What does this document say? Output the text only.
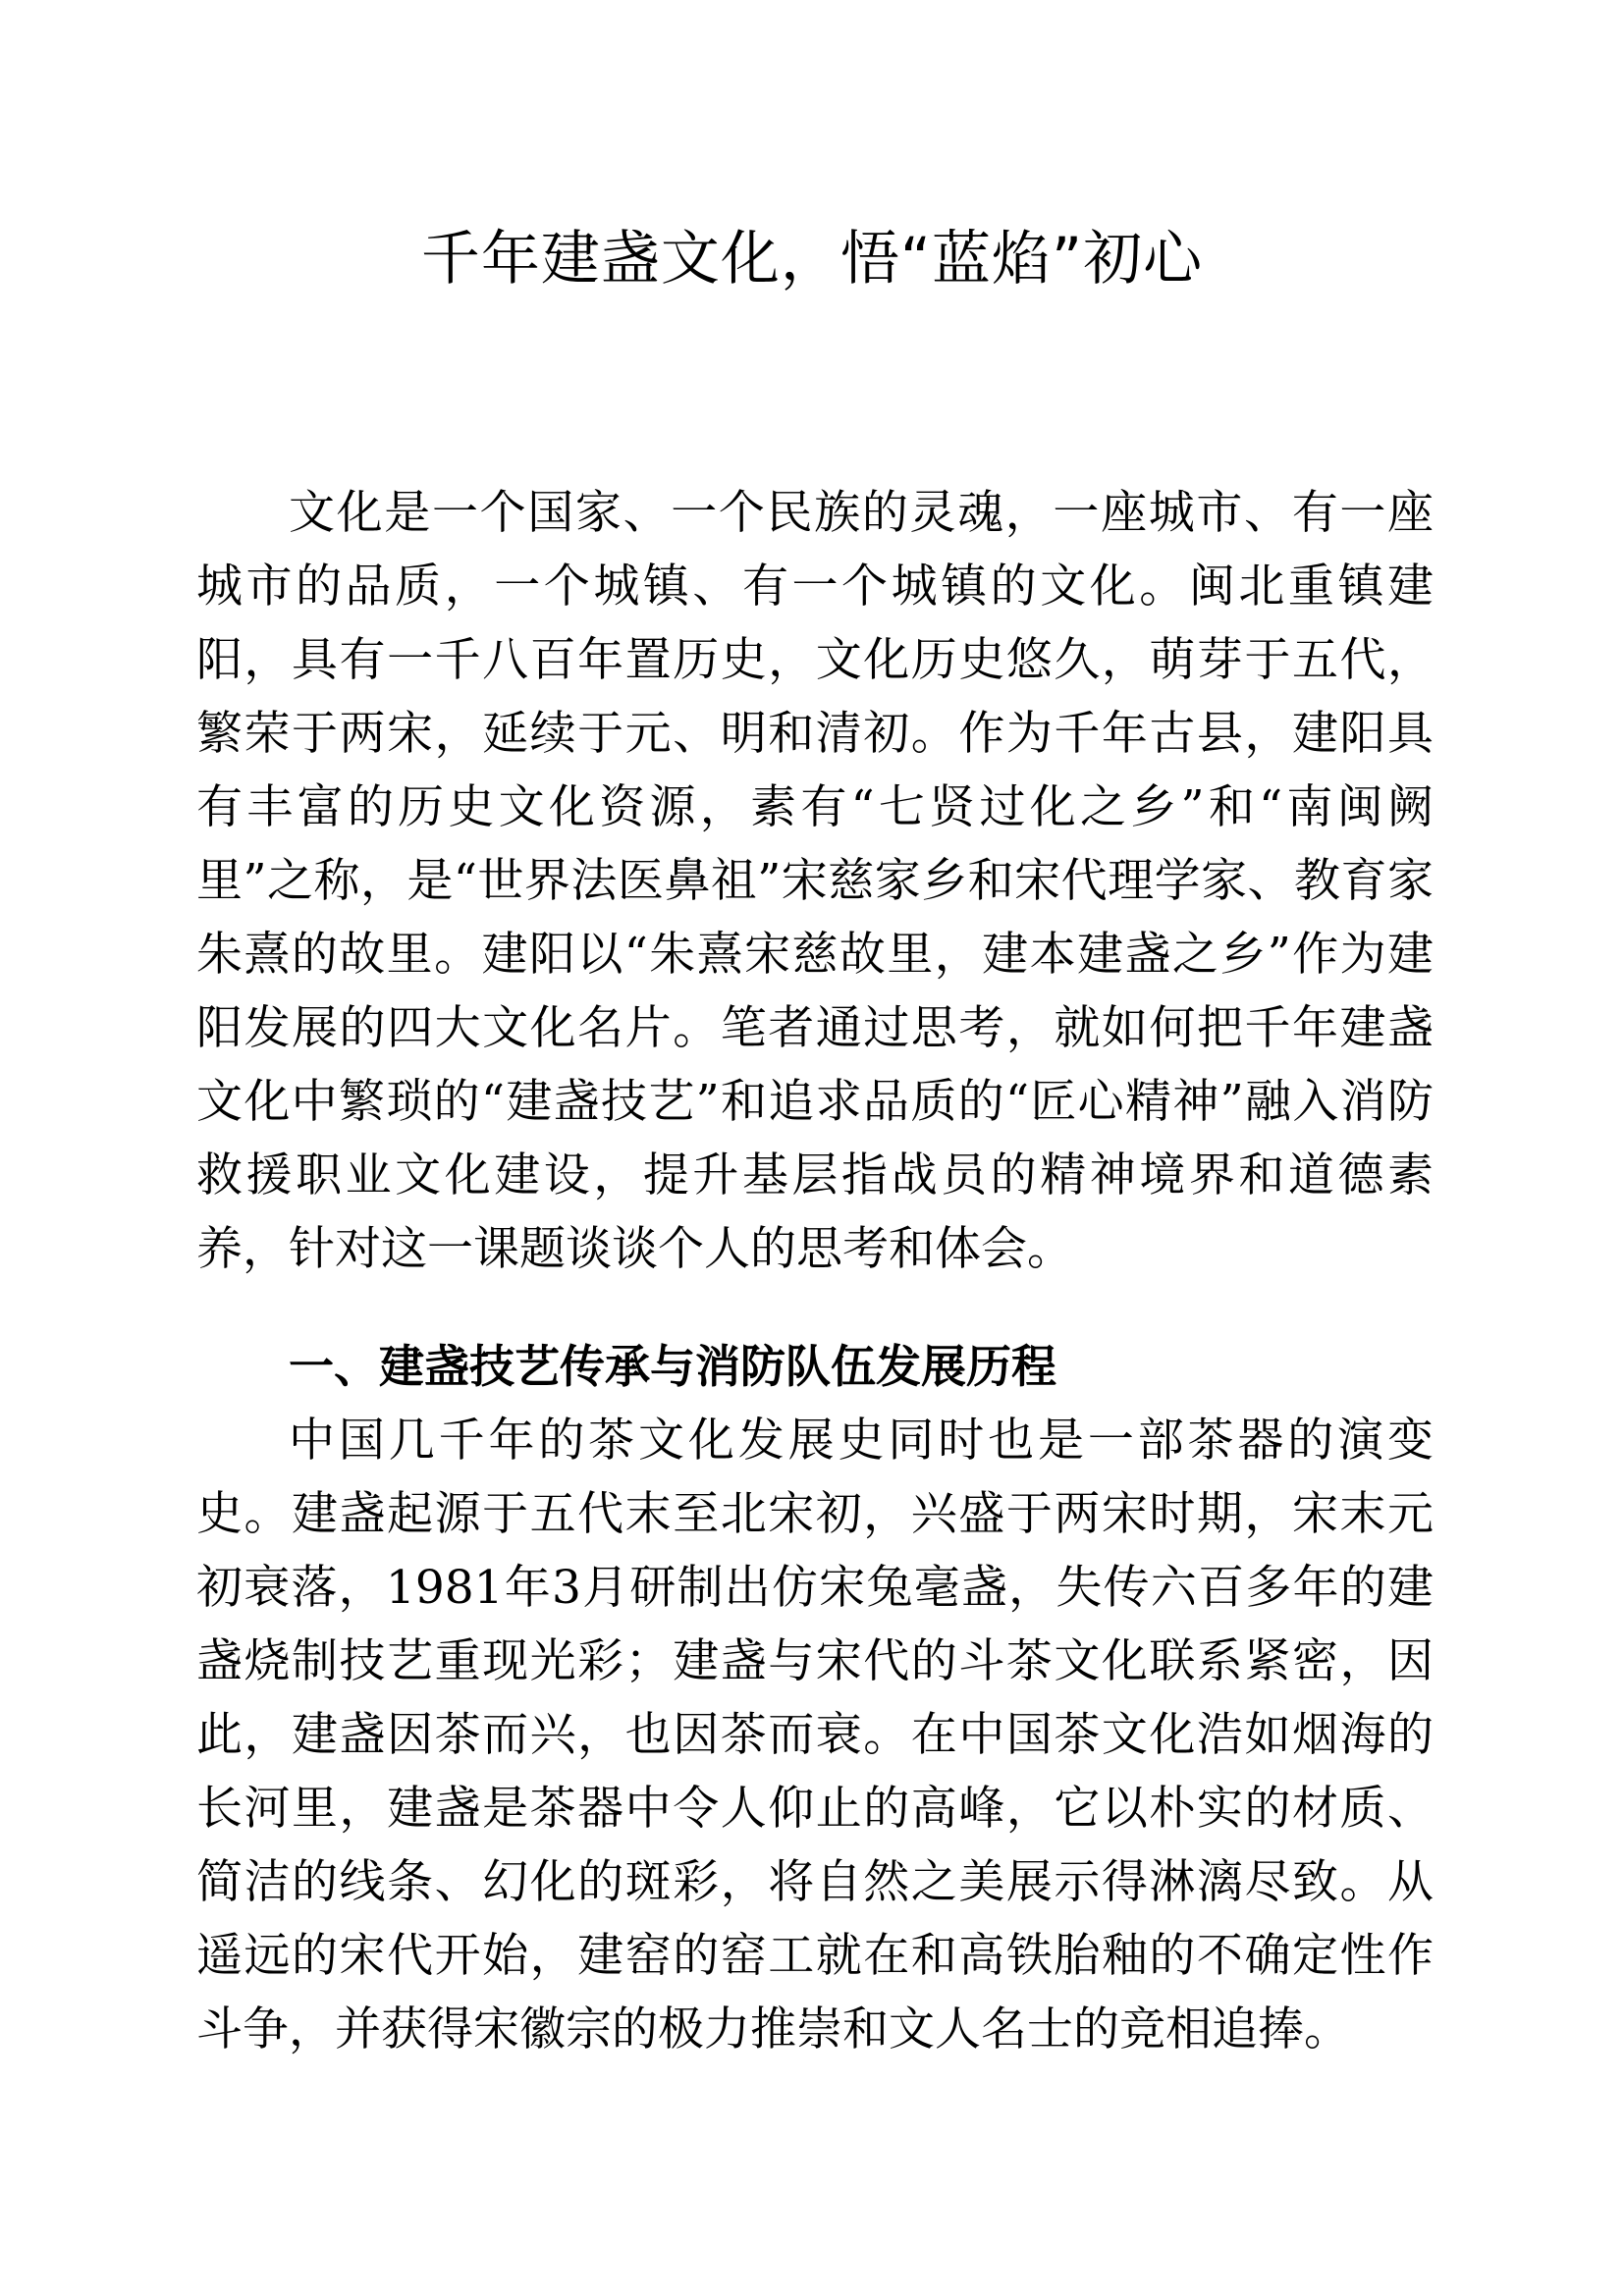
千年建盏文化，悟“蓝焰”初心

文化是一个国家、一个民族的灵魂，一座城市、有一座城市的品质，一个城镇、有一个城镇的文化。闽北重镇建阳，具有一千八百年置历史，文化历史悠久，萌芽于五代，繁荣于两宋，延续于元、明和清初。作为千年古县，建阳具有丰富的历史文化资源，素有“七贤过化之乡”和“南闽阙里”之称，是“世界法医鼻祖”宋慈家乡和宋代理学家、教育家朱熹的故里。建阳以“朱熹宋慈故里，建本建盏之乡”作为建阳发展的四大文化名片。笔者通过思考，就如何把千年建盏文化中繁琐的“建盏技艺”和追求品质的“匠心精神”融入消防救援职业文化建设，提升基层指战员的精神境界和道德素养，针对这一课题谈谈个人的思考和体会。

一、建盏技艺传承与消防队伍发展历程

中国几千年的茶文化发展史同时也是一部茶器的演变史。建盏起源于五代末至北宋初，兴盛于两宋时期，宋末元初衰落，1981年3月研制出仿宋兔毫盏，失传六百多年的建盏烧制技艺重现光彩；建盏与宋代的斗茶文化联系紧密，因此，建盏因茶而兴，也因茶而衰。在中国茶文化浩如烟海的长河里，建盏是茶器中令人仰止的高峰，它以朴实的材质、简洁的线条、幻化的斑彩，将自然之美展示得淋漓尽致。从遥远的宋代开始，建窑的窑工就在和高铁胎釉的不确定性作斗争，并获得宋徽宗的极力推崇和文人名士的竞相追捧。
